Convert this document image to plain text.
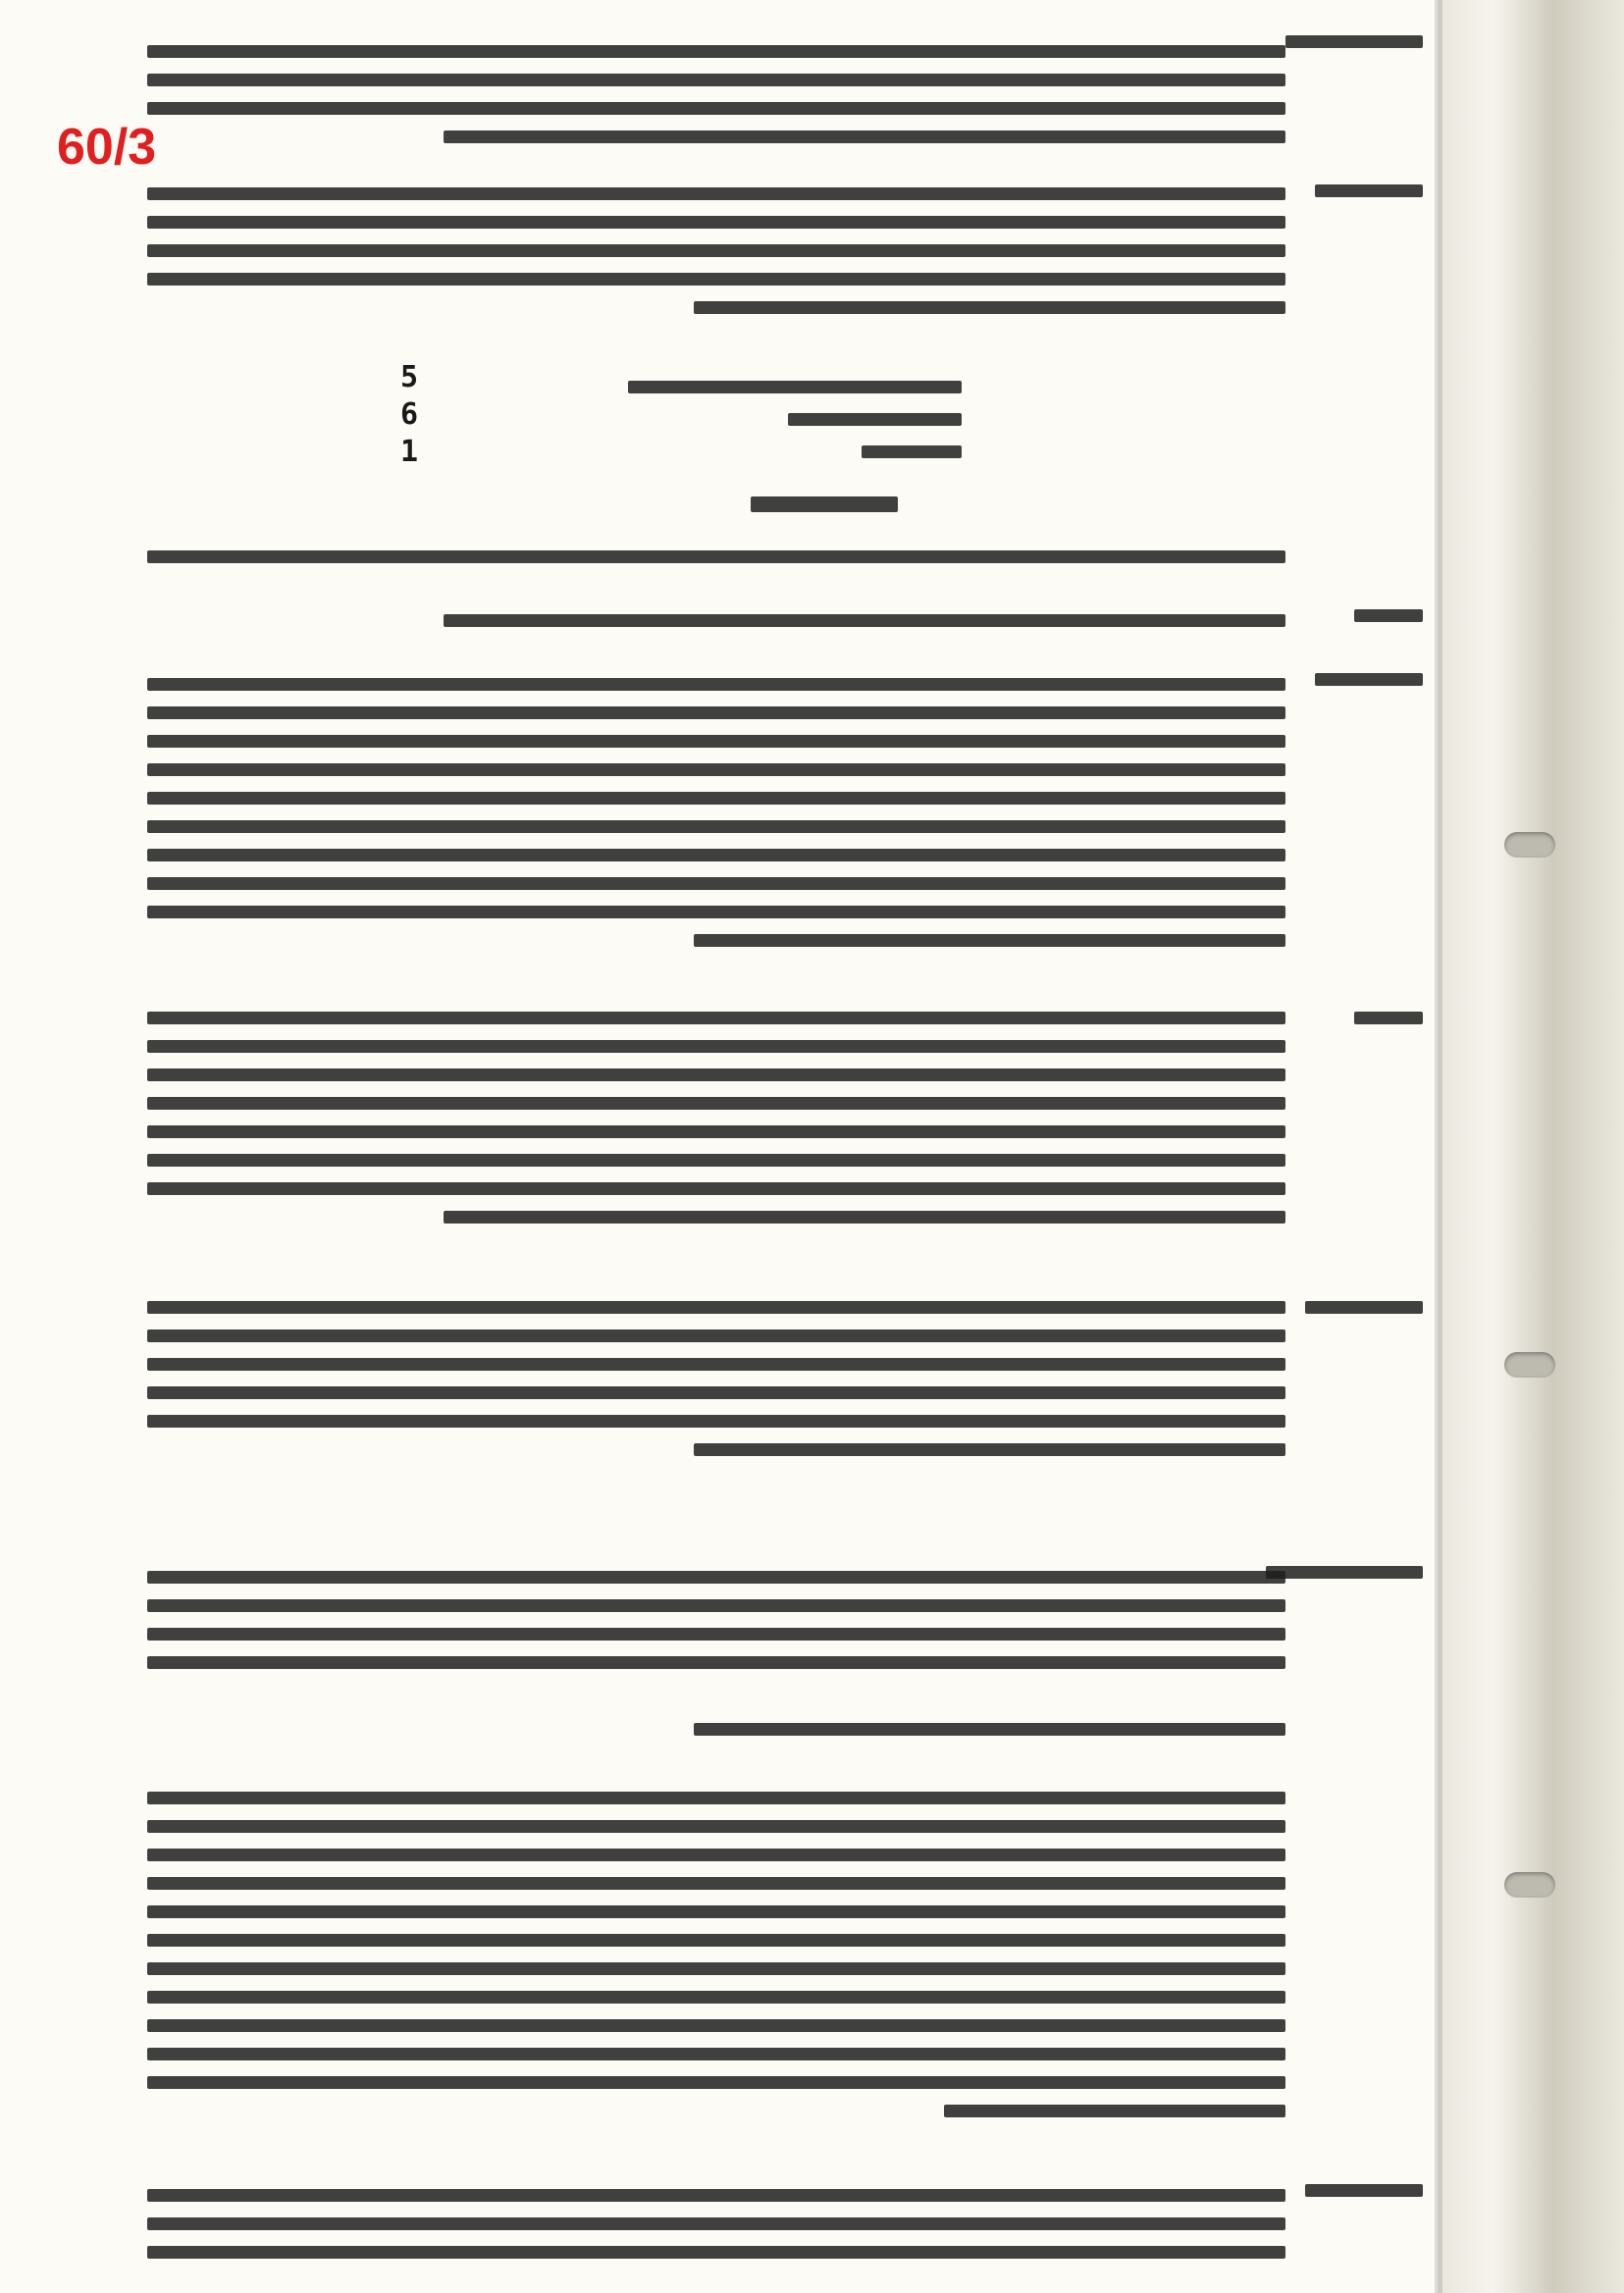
60/3
5
6
1
